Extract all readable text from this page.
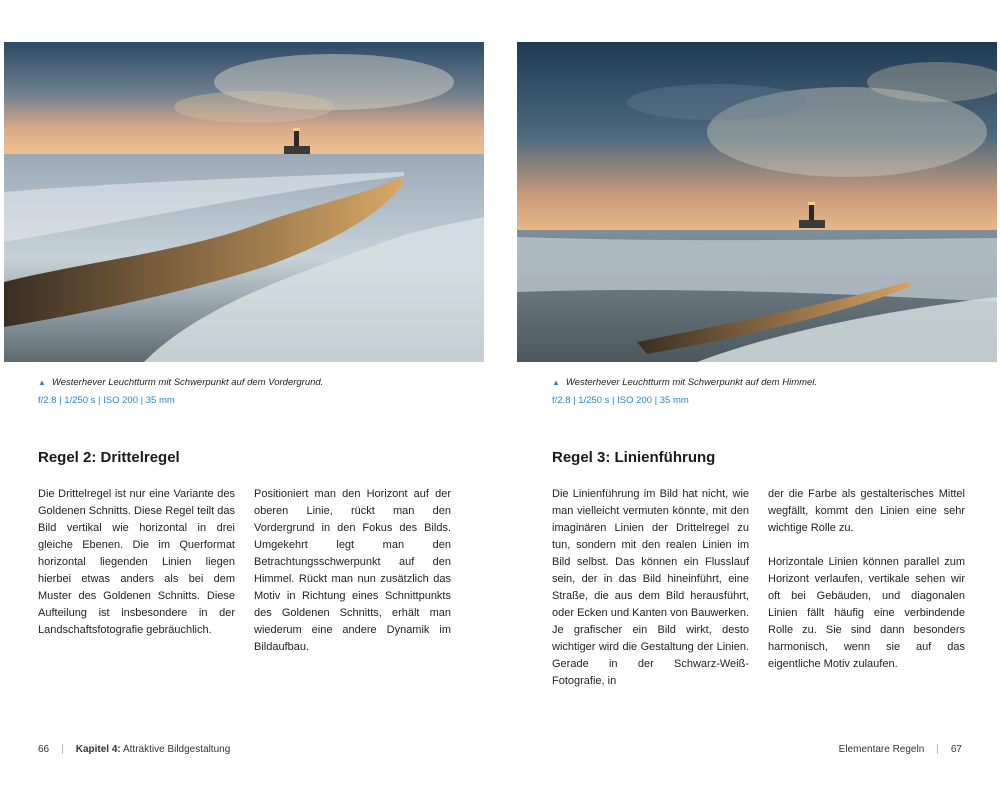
▲ Westerhever Leuchtturm mit Schwerpunkt auf dem Vordergrund.
f/2.8 | 1/250 s | ISO 200 | 35 mm
Regel 2: Drittelregel

Die Drittelregel ist nur eine Variante des Goldenen Schnitts. Diese Regel teilt das Bild vertikal wie horizontal in drei gleiche Ebenen. Die im Querformat horizontal liegenden Linien liegen hierbei etwas anders als bei dem Muster des Goldenen Schnitts. Diese Aufteilung ist insbesondere in der Landschaftsfotografie gebräuchlich.

Positioniert man den Horizont auf der oberen Linie, rückt man den Vordergrund in den Fokus des Bilds. Umgekehrt legt man den Betrachtungsschwerpunkt auf den Himmel. Rückt man nun zusätzlich das Motiv in Richtung eines Schnittpunkts des Goldenen Schnitts, erhält man wiederum eine andere Dynamik im Bildaufbau.

66 | Kapitel 4: Attraktive Bildgestaltung
▲ Westerhever Leuchtturm mit Schwerpunkt auf dem Himmel.
f/2.8 | 1/250 s | ISO 200 | 35 mm
Regel 3: Linienführung

Die Linienführung im Bild hat nicht, wie man vielleicht vermuten könnte, mit den imaginären Linien der Drittelregel zu tun, sondern mit den realen Linien im Bild selbst. Das können ein Flusslauf sein, der in das Bild hineinführt, eine Straße, die aus dem Bild herausführt, oder Ecken und Kanten von Bauwerken. Je grafischer ein Bild wirkt, desto wichtiger wird die Gestaltung der Linien. Gerade in der Schwarz-Weiß-Fotografie, in

der die Farbe als gestalterisches Mittel wegfällt, kommt den Linien eine sehr wichtige Rolle zu.

Horizontale Linien können parallel zum Horizont verlaufen, vertikale sehen wir oft bei Gebäuden, und diagonalen Linien fällt häufig eine verbindende Rolle zu. Sie sind dann besonders harmonisch, wenn sie auf das eigentliche Motiv zulaufen.

Elementare Regeln | 67
